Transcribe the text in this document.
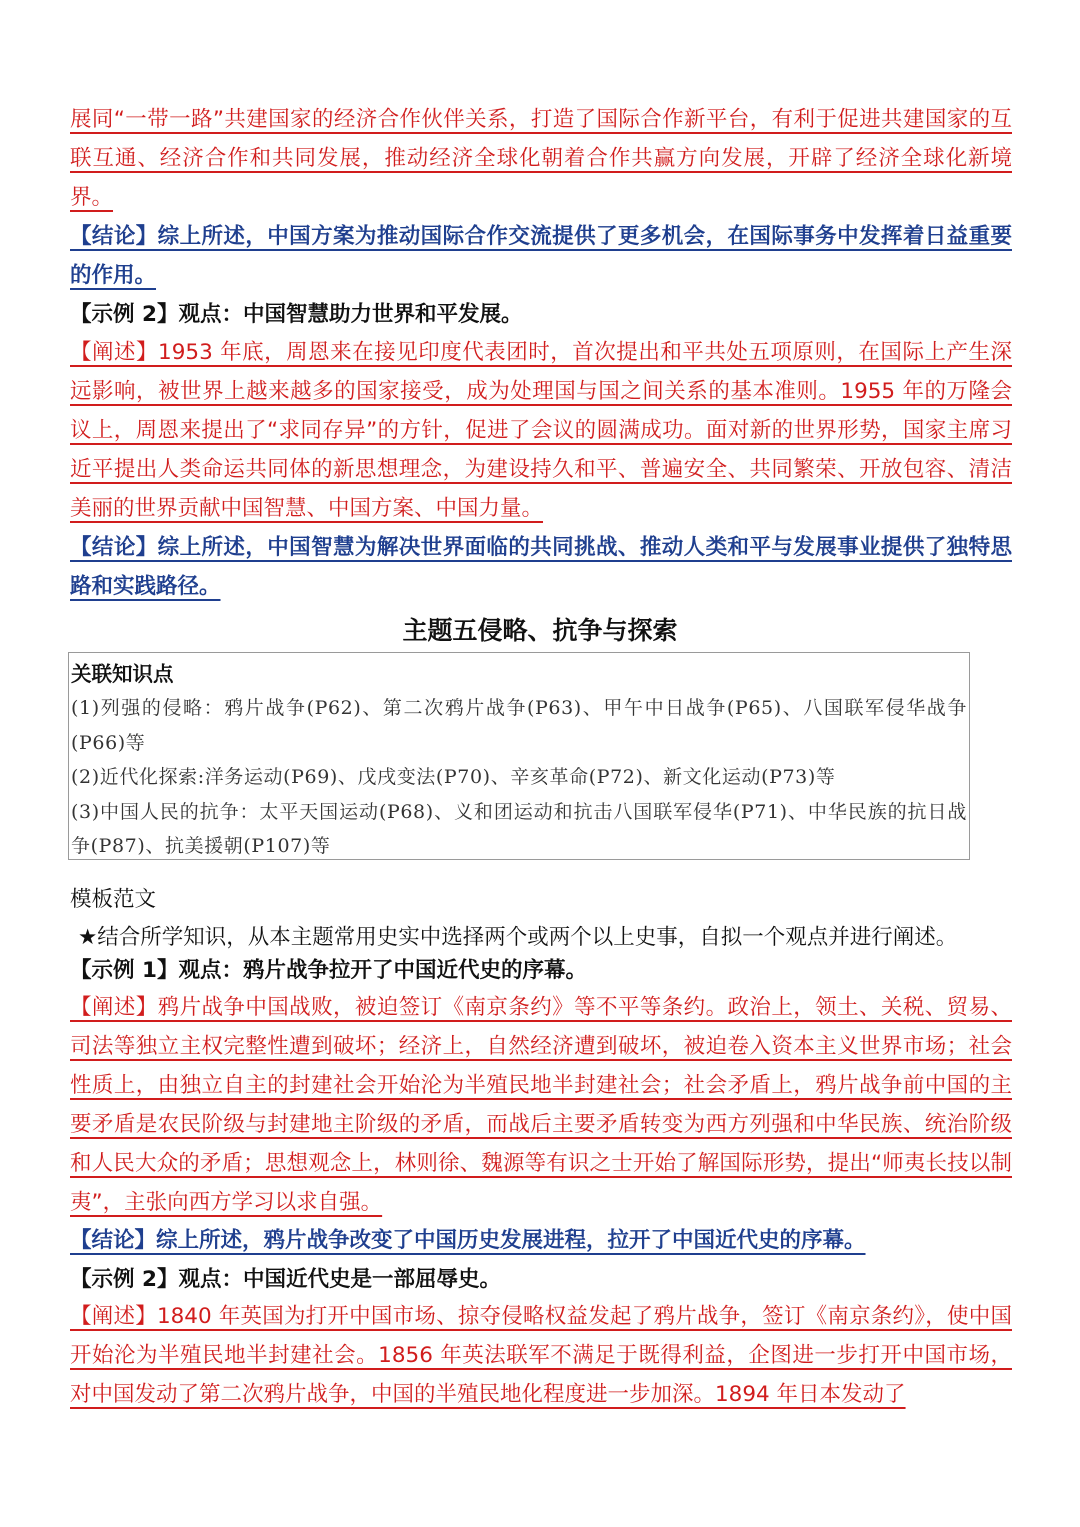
展同“一带一路”共建国家的经济合作伙伴关系，打造了国际合作新平台，有利于促进共建国家的互联互通、经济合作和共同发展，推动经济全球化朝着合作共赢方向发展，开辟了经济全球化新境界。

【结论】综上所述，中国方案为推动国际合作交流提供了更多机会，在国际事务中发挥着日益重要的作用。

【示例 2】观点：中国智慧助力世界和平发展。

【阐述】1953 年底，周恩来在接见印度代表团时，首次提出和平共处五项原则，在国际上产生深远影响，被世界上越来越多的国家接受，成为处理国与国之间关系的基本准则。1955 年的万隆会议上，周恩来提出了“求同存异”的方针，促进了会议的圆满成功。面对新的世界形势，国家主席习近平提出人类命运共同体的新思想理念，为建设持久和平、普遍安全、共同繁荣、开放包容、清洁美丽的世界贡献中国智慧、中国方案、中国力量。

【结论】综上所述，中国智慧为解决世界面临的共同挑战、推动人类和平与发展事业提供了独特思路和实践路径。

主题五侵略、抗争与探索
关联知识点

(1)列强的侵略：鸦片战争(P62)、第二次鸦片战争(P63)、甲午中日战争(P65)、八国联军侵华战争(P66)等

(2)近代化探索:洋务运动(P69)、戊戌变法(P70)、辛亥革命(P72)、新文化运动(P73)等

(3)中国人民的抗争：太平天国运动(P68)、义和团运动和抗击八国联军侵华(P71)、中华民族的抗日战争(P87)、抗美援朝(P107)等

模板范文

★结合所学知识，从本主题常用史实中选择两个或两个以上史事，自拟一个观点并进行阐述。

【示例 1】观点：鸦片战争拉开了中国近代史的序幕。

【阐述】鸦片战争中国战败，被迫签订《南京条约》等不平等条约。政治上，领土、关税、贸易、司法等独立主权完整性遭到破坏；经济上，自然经济遭到破坏，被迫卷入资本主义世界市场；社会性质上，由独立自主的封建社会开始沦为半殖民地半封建社会；社会矛盾上，鸦片战争前中国的主要矛盾是农民阶级与封建地主阶级的矛盾，而战后主要矛盾转变为西方列强和中华民族、统治阶级和人民大众的矛盾；思想观念上，林则徐、魏源等有识之士开始了解国际形势，提出“师夷长技以制夷”，主张向西方学习以求自强。

【结论】综上所述，鸦片战争改变了中国历史发展进程，拉开了中国近代史的序幕。

【示例 2】观点：中国近代史是一部屈辱史。

【阐述】1840 年英国为打开中国市场、掠夺侵略权益发起了鸦片战争，签订《南京条约》，使中国开始沦为半殖民地半封建社会。1856 年英法联军不满足于既得利益，企图进一步打开中国市场，对中国发动了第二次鸦片战争，中国的半殖民地化程度进一步加深。1894 年日本发动了
